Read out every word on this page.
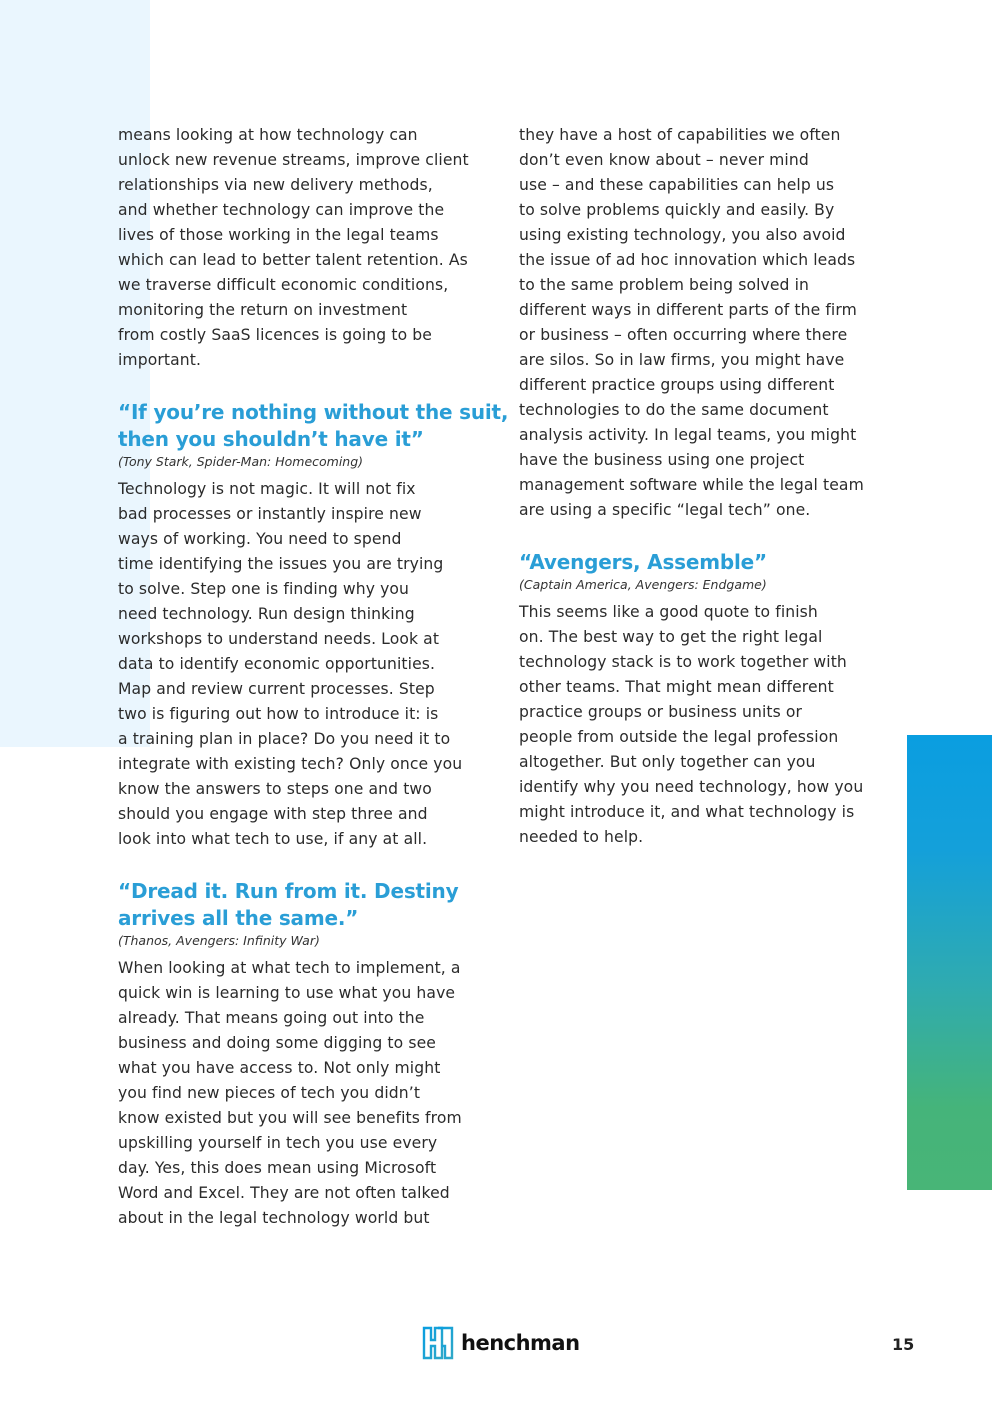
means looking at how technology can
unlock new revenue streams, improve client
relationships via new delivery methods,
and whether technology can improve the
lives of those working in the legal teams
which can lead to better talent retention. As
we traverse difficult economic conditions,
monitoring the return on investment
from costly SaaS licences is going to be
important.

“If you’re nothing without the suit,
then you shouldn’t have it”
(Tony Stark, Spider-Man: Homecoming)

Technology is not magic. It will not fix
bad processes or instantly inspire new
ways of working. You need to spend
time identifying the issues you are trying
to solve. Step one is finding why you
need technology. Run design thinking
workshops to understand needs. Look at
data to identify economic opportunities.
Map and review current processes. Step
two is figuring out how to introduce it: is
a training plan in place? Do you need it to
integrate with existing tech? Only once you
know the answers to steps one and two
should you engage with step three and
look into what tech to use, if any at all.

“Dread it. Run from it. Destiny
arrives all the same.”
(Thanos, Avengers: Infinity War)

When looking at what tech to implement, a
quick win is learning to use what you have
already. That means going out into the
business and doing some digging to see
what you have access to. Not only might
you find new pieces of tech you didn’t
know existed but you will see benefits from
upskilling yourself in tech you use every
day. Yes, this does mean using Microsoft
Word and Excel. They are not often talked
about in the legal technology world but

they have a host of capabilities we often
don’t even know about – never mind
use – and these capabilities can help us
to solve problems quickly and easily. By
using existing technology, you also avoid
the issue of ad hoc innovation which leads
to the same problem being solved in
different ways in different parts of the firm
or business – often occurring where there
are silos. So in law firms, you might have
different practice groups using different
technologies to do the same document
analysis activity. In legal teams, you might
have the business using one project
management software while the legal team
are using a specific “legal tech” one.

“Avengers, Assemble”
(Captain America, Avengers: Endgame)

This seems like a good quote to finish
on. The best way to get the right legal
technology stack is to work together with
other teams. That might mean different
practice groups or business units or
people from outside the legal profession
altogether. But only together can you
identify why you need technology, how you
might introduce it, and what technology is
needed to help.

henchman	15
